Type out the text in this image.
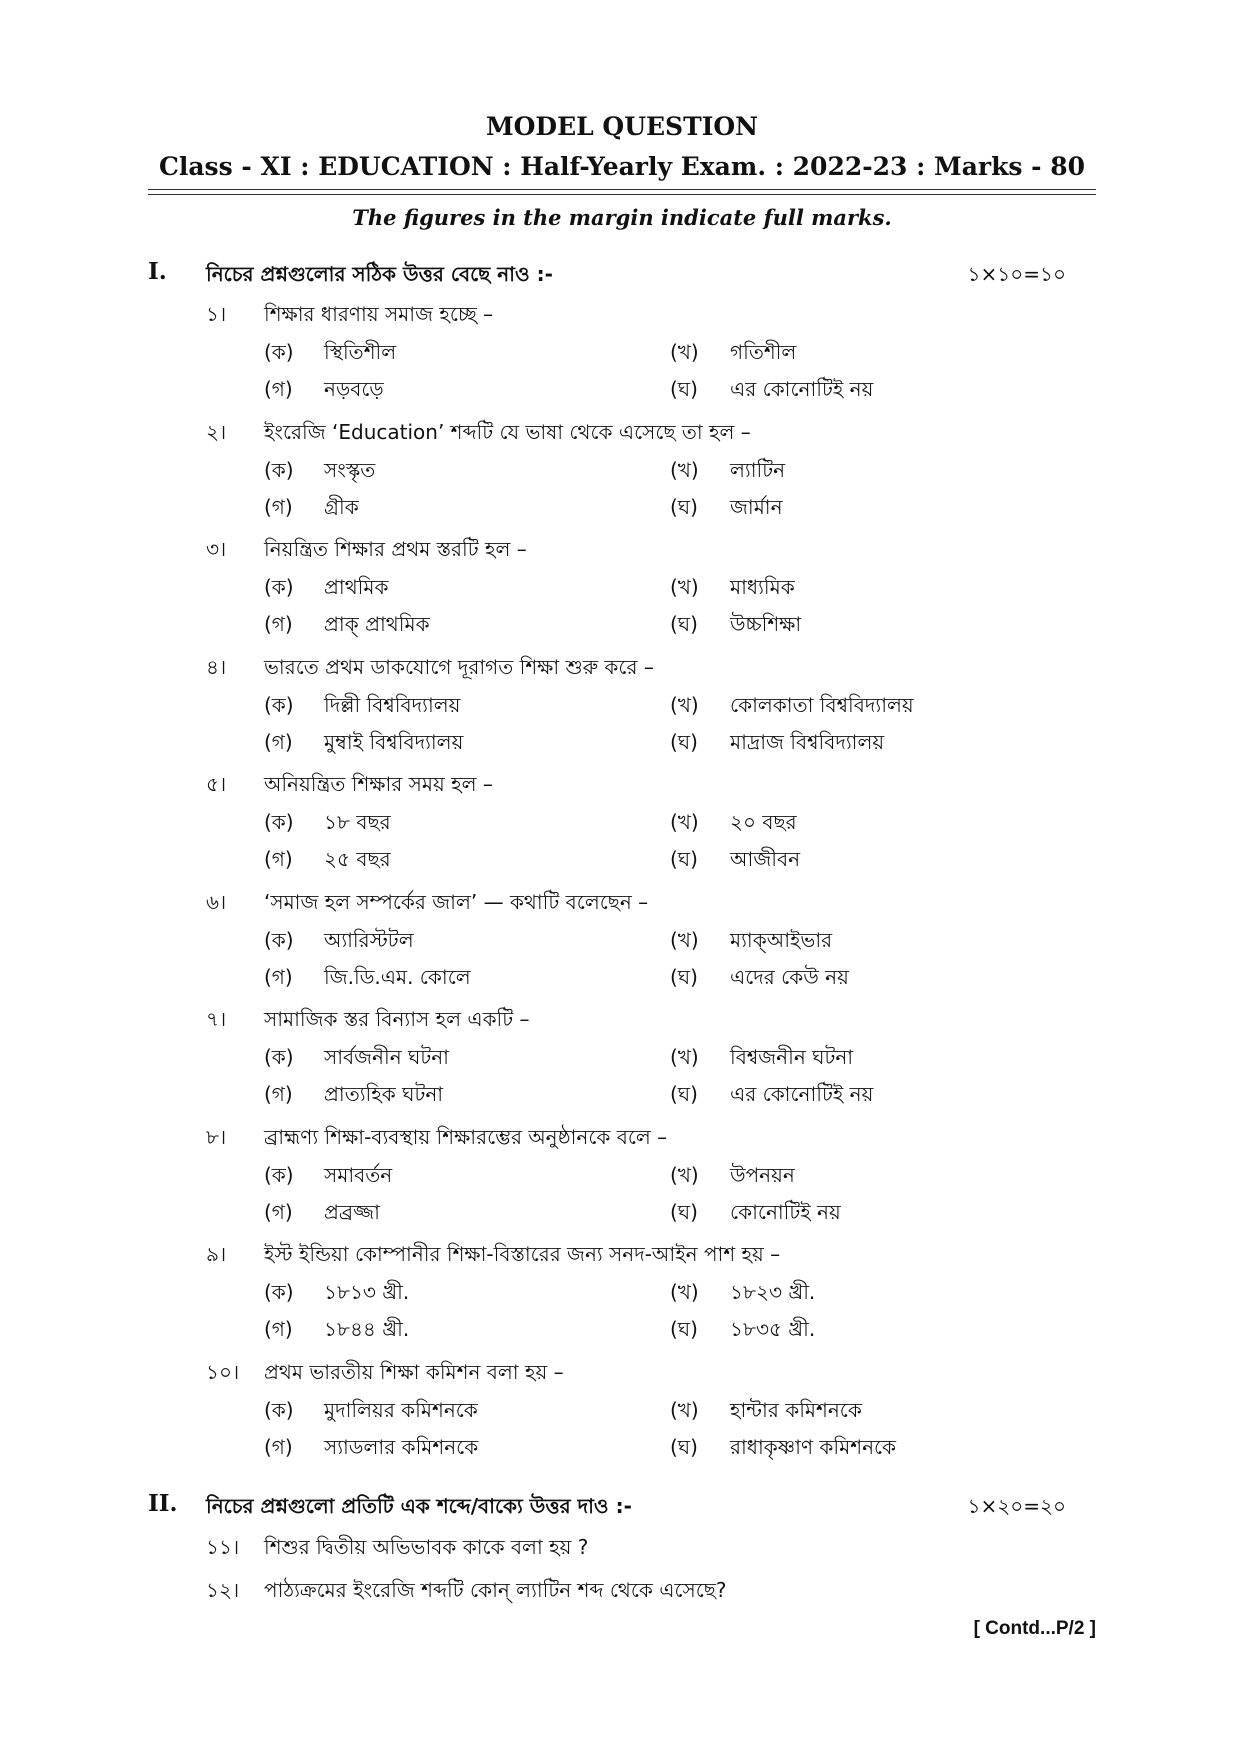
MODEL QUESTION
Class - XI : EDUCATION : Half-Yearly Exam. : 2022-23 : Marks - 80
The figures in the margin indicate full marks.
I. নিচের প্রশ্নগুলোর সঠিক উত্তর বেছে নাও :-	১×১০=১০
১।	শিক্ষার ধারণায় সমাজ হচ্ছে –
(ক) স্থিতিশীল	(খ) গতিশীল
(গ) নড়বড়ে	(ঘ) এর কোনোটিই নয়
২।	ইংরেজি ‘Education’ শব্দটি যে ভাষা থেকে এসেছে তা হল –
(ক) সংস্কৃত	(খ) ল্যাটিন
(গ) গ্রীক	(ঘ) জার্মান
৩।	নিয়ন্ত্রিত শিক্ষার প্রথম স্তরটি হল –
(ক) প্রাথমিক	(খ) মাধ্যমিক
(গ) প্রাক্ প্রাথমিক	(ঘ) উচ্চশিক্ষা
৪।	ভারতে প্রথম ডাকযোগে দূরাগত শিক্ষা শুরু করে –
(ক) দিল্লী বিশ্ববিদ্যালয়	(খ) কোলকাতা বিশ্ববিদ্যালয়
(গ) মুম্বাই বিশ্ববিদ্যালয়	(ঘ) মাদ্রাজ বিশ্ববিদ্যালয়
৫।	অনিয়ন্ত্রিত শিক্ষার সময় হল –
(ক) ১৮ বছর	(খ) ২০ বছর
(গ) ২৫ বছর	(ঘ) আজীবন
৬।	‘সমাজ হল সম্পর্কের জাল’ — কথাটি বলেছেন –
(ক) অ্যারিস্টটল	(খ) ম্যাক্আইভার
(গ) জি.ডি.এম. কোলে	(ঘ) এদের কেউ নয়
৭।	সামাজিক স্তর বিন্যাস হল একটি –
(ক) সার্বজনীন ঘটনা	(খ) বিশ্বজনীন ঘটনা
(গ) প্রাত্যহিক ঘটনা	(ঘ) এর কোনোটিই নয়
৮।	ব্রাহ্মণ্য শিক্ষা-ব্যবস্থায় শিক্ষারম্ভের অনুষ্ঠানকে বলে –
(ক) সমাবর্তন	(খ) উপনয়ন
(গ) প্রব্রজ্জা	(ঘ) কোনোটিই নয়
৯।	ইস্ট ইন্ডিয়া কোম্পানীর শিক্ষা-বিস্তারের জন্য সনদ-আইন পাশ হয় –
(ক) ১৮১৩ খ্রী.	(খ) ১৮২৩ খ্রী.
(গ) ১৮৪৪ খ্রী.	(ঘ) ১৮৩৫ খ্রী.
১০।	প্রথম ভারতীয় শিক্ষা কমিশন বলা হয় –
(ক) মুদালিয়র কমিশনকে	(খ) হান্টার কমিশনকে
(গ) স্যাডলার কমিশনকে	(ঘ) রাধাকৃষ্ণাণ কমিশনকে
II. নিচের প্রশ্নগুলো প্রতিটি এক শব্দে/বাক্যে উত্তর দাও :-	১×২০=২০
১১।	শিশুর দ্বিতীয় অভিভাবক কাকে বলা হয় ?
১২।	পাঠ্যক্রমের ইংরেজি শব্দটি কোন্ ল্যাটিন শব্দ থেকে এসেছে?
[ Contd...P/2 ]
